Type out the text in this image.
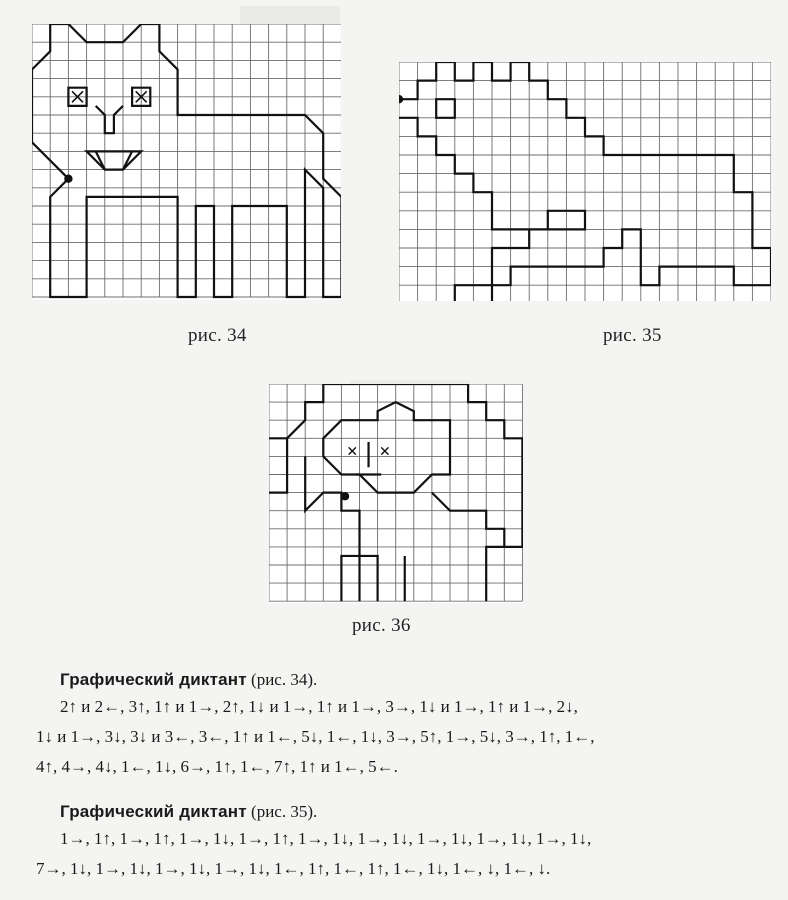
рис. 34	рис. 35
рис. 36

Графический диктант (рис. 34).

2↑ и 2←, 3↑, 1↑ и 1→, 2↑, 1↓ и 1→, 1↑ и 1→, 3→, 1↓ и 1→, 1↑ и 1→, 2↓,

1↓ и 1→, 3↓, 3↓ и 3←, 3←, 1↑ и 1←, 5↓, 1←, 1↓, 3→, 5↑, 1→, 5↓, 3→, 1↑, 1←,

4↑, 4→, 4↓, 1←, 1↓, 6→, 1↑, 1←, 7↑, 1↑ и 1←, 5←.

Графический диктант (рис. 35).

1→, 1↑, 1→, 1↑, 1→, 1↓, 1→, 1↑, 1→, 1↓, 1→, 1↓, 1→, 1↓, 1→, 1↓, 1→, 1↓,

7→, 1↓, 1→, 1↓, 1→, 1↓, 1→, 1↓, 1←, 1↑, 1←, 1↑, 1←, 1↓, 1←, ↓, 1←, ↓.
